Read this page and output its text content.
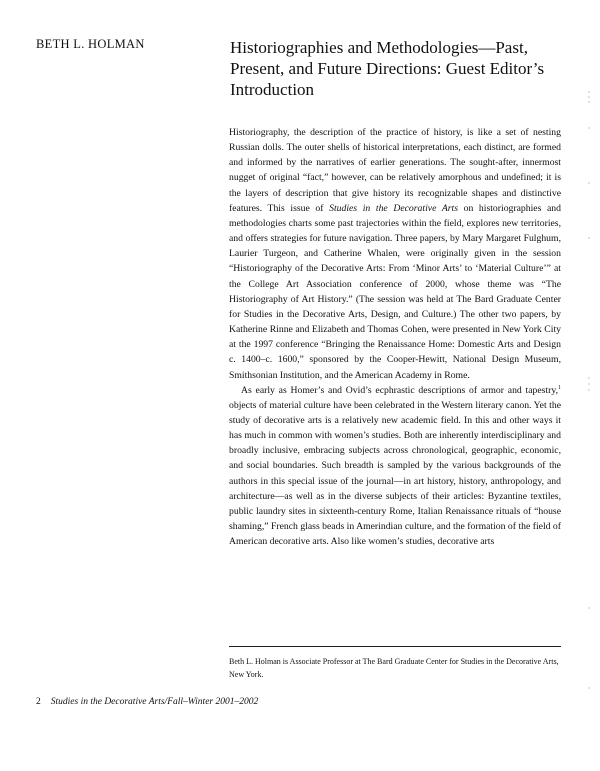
BETH L. HOLMAN	Historiographies and Methodologies—Past, Present, and Future Directions: Guest Editor’s Introduction

Historiography, the description of the practice of history, is like a set of nesting Russian dolls. The outer shells of historical interpretations, each distinct, are formed and informed by the narratives of earlier generations. The sought-after, innermost nugget of original “fact,” however, can be relatively amorphous and undefined; it is the layers of description that give history its recognizable shapes and distinctive features. This issue of Studies in the Decorative Arts on historiographies and methodologies charts some past trajectories within the field, explores new territories, and offers strategies for future navigation. Three papers, by Mary Margaret Fulghum, Laurier Turgeon, and Catherine Whalen, were originally given in the session “Historiography of the Decorative Arts: From ‘Minor Arts’ to ‘Material Culture’” at the College Art Association conference of 2000, whose theme was “The Historiography of Art History.” (The session was held at The Bard Graduate Center for Studies in the Decorative Arts, Design, and Culture.) The other two papers, by Katherine Rinne and Elizabeth and Thomas Cohen, were presented in New York City at the 1997 conference “Bringing the Renaissance Home: Domestic Arts and Design c. 1400–c. 1600,” sponsored by the Cooper-Hewitt, National Design Museum, Smithsonian Institution, and the American Academy in Rome.

As early as Homer’s and Ovid’s ecphrastic descriptions of armor and tapestry,$^1$ objects of material culture have been celebrated in the Western literary canon. Yet the study of decorative arts is a relatively new academic field. In this and other ways it has much in common with women’s studies. Both are inherently interdisciplinary and broadly inclusive, embracing subjects across chronological, geographic, economic, and social boundaries. Such breadth is sampled by the various backgrounds of the authors in this special issue of the journal—in art history, history, anthropology, and architecture—as well as in the diverse subjects of their articles: Byzantine textiles, public laundry sites in sixteenth-century Rome, Italian Renaissance rituals of “house shaming,” French glass beads in Amerindian culture, and the formation of the field of American decorative arts. Also like women’s studies, decorative arts

Beth L. Holman is Associate Professor at The Bard Graduate Center for Studies in the Decorative Arts, New York.

2 Studies in the Decorative Arts/Fall–Winter 2001–2002
